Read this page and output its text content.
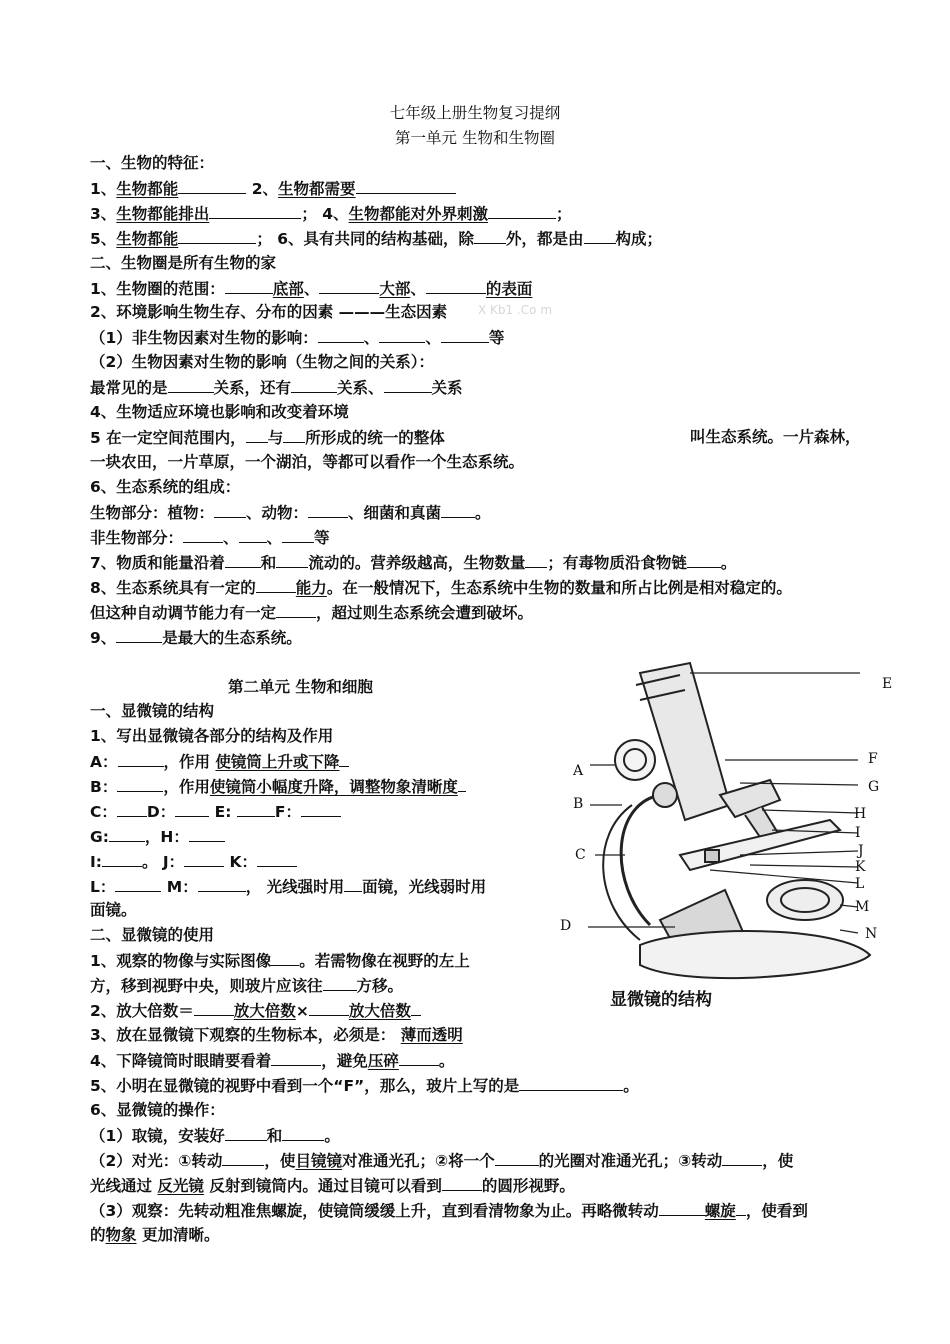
七年级上册生物复习提纲
第一单元 生物和生物圈
一、生物的特征：
1、生物都能	2、生物都需要
3、生物都能排出	； 4、生物都能对外界刺激	；
5、生物都能	； 6、具有共同的结构基础，除 外，都是由 构成；
二、生物圈是所有生物的家
1、生物圈的范围：	底部、	大部、	的表面
2、环境影响生物生存、分布的因素 ———生态因素	X Kb1 .Co m
（1）非生物因素对生物的影响：	、	、	等
（2）生物因素对生物的影响（生物之间的关系）：
最常见的是	关系，还有	关系、	关系
4、生物适应环境也影响和改变着环境
5 在一定空间范围内， 与 所形成的统一的整体	叫生态系统。一片森林，
一块农田，一片草原，一个湖泊，等都可以看作一个生态系统。
6、生态系统的组成：
生物部分：植物： 、动物：	、细菌和真菌 。
非生物部分：	、 、 等
7、物质和能量沿着 和 流动的。营养级越高，生物数量 ；有毒物质沿食物链 。
8、生态系统具有一定的	能力。在一般情况下，生态系统中生物的数量和所占比例是相对稳定的。
但这种自动调节能力有一定	，超过则生态系统会遭到破坏。
9、	是最大的生态系统。
第二单元 生物和细胞
一、显微镜的结构
1、写出显微镜各部分的结构及作用
A：	，作用 使镜筒上升或下降
B：	，作用使镜筒小幅度升降，调整物象清晰度
C： D： E: F：
G: ，H：
I:	。 J：	K：
L：	M：	， 光线强时用 面镜，光线弱时用
面镜。
二、显微镜的使用
1、观察的物像与实际图像 。若需物像在视野的左上
方，移到视野中央，则玻片应该往 方移。
2、放大倍数＝	放大倍数×	放大倍数
3、放在显微镜下观察的生物标本，必须是： 薄而透明
4、下降镜筒时眼睛要看着	，避免压碎	。
5、小明在显微镜的视野中看到一个“F”，那么，玻片上写的是	。
6、显微镜的操作：
（1）取镜，安装好	和	。
（2）对光：①转动	，使目镜镜对准通光孔；②将一个	的光圈对准通光孔；③转动	，使
光线通过 反光镜 反射到镜筒内。通过目镜可以看到	的圆形视野。
（3）观察：先转动粗准焦螺旋，使镜筒缓缓上升，直到看清物象为止。再略微转动	螺旋 ，使看到
的物象 更加清晰。
A
B
C
D
E
F
G
H
I
J
K
L
M
N
显微镜的结构
